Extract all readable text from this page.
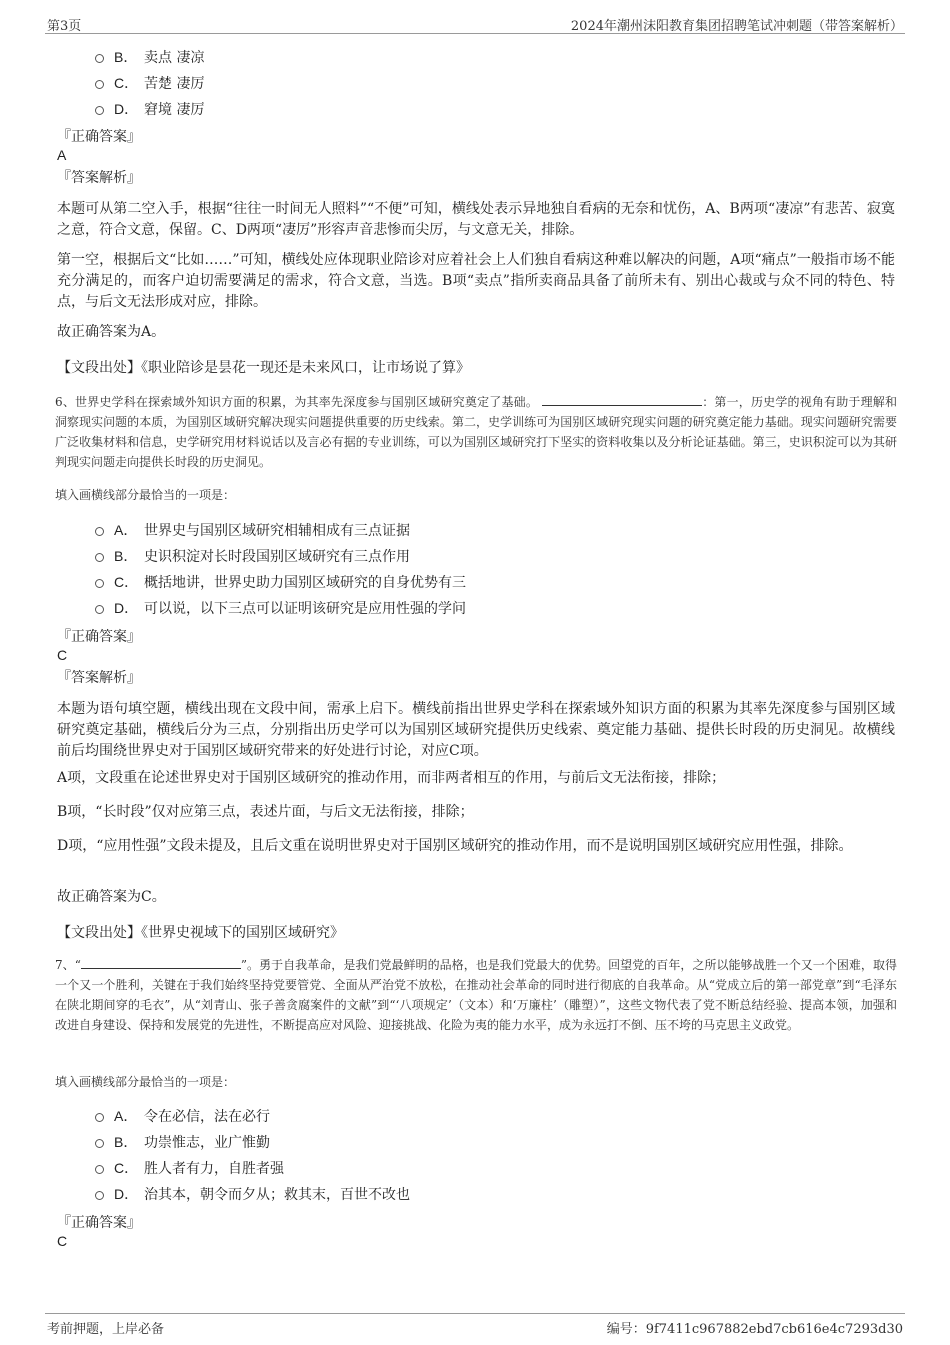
第3页	2024年潮州沫阳教育集团招聘笔试冲刺题（带答案解析）
B． 卖点 凄凉
C． 苦楚 凄厉
D． 窘境 凄厉
『正确答案』
A
『答案解析』

本题可从第二空入手，根据“往往一时间无人照料”“不便”可知，横线处表示异地独自看病的无奈和忧伤，A、B两项“凄凉”有悲苦、寂寞之意，符合文意，保留。C、D两项“凄厉”形容声音悲惨而尖厉，与文意无关，排除。

第一空，根据后文“比如……”可知，横线处应体现职业陪诊对应着社会上人们独自看病这种难以解决的问题，A项“痛点”一般指市场不能充分满足的，而客户迫切需要满足的需求，符合文意，当选。B项“卖点”指所卖商品具备了前所未有、别出心裁或与众不同的特色、特点，与后文无法形成对应，排除。

故正确答案为A。

【文段出处】《职业陪诊是昙花一现还是未来风口，让市场说了算》

6、世界史学科在探索域外知识方面的积累，为其率先深度参与国别区域研究奠定了基础。	：第一，历史学的视角有助于理解和洞察现实问题的本质，为国别区域研究解决现实问题提供重要的历史线索。第二，史学训练可为国别区域研究现实问题的研究奠定能力基础。现实问题研究需要广泛收集材料和信息，史学研究用材料说话以及言必有据的专业训练，可以为国别区域研究打下坚实的资料收集以及分析论证基础。第三，史识积淀可以为其研判现实问题走向提供长时段的历史洞见。

填入画横线部分最恰当的一项是：
A． 世界史与国别区域研究相辅相成有三点证据
B． 史识积淀对长时段国别区域研究有三点作用
C． 概括地讲，世界史助力国别区域研究的自身优势有三
D． 可以说，以下三点可以证明该研究是应用性强的学问
『正确答案』
C
『答案解析』

本题为语句填空题，横线出现在文段中间，需承上启下。横线前指出世界史学科在探索域外知识方面的积累为其率先深度参与国别区域研究奠定基础，横线后分为三点，分别指出历史学可以为国别区域研究提供历史线索、奠定能力基础、提供长时段的历史洞见。故横线前后均围绕世界史对于国别区域研究带来的好处进行讨论，对应C项。

A项，文段重在论述世界史对于国别区域研究的推动作用，而非两者相互的作用，与前后文无法衔接，排除；

B项，“长时段”仅对应第三点，表述片面，与后文无法衔接，排除；

D项，“应用性强”文段未提及，且后文重在说明世界史对于国别区域研究的推动作用，而不是说明国别区域研究应用性强，排除。

故正确答案为C。

【文段出处】《世界史视域下的国别区域研究》

7、“	”。勇于自我革命，是我们党最鲜明的品格，也是我们党最大的优势。回望党的百年，之所以能够战胜一个又一个困难，取得一个又一个胜利，关键在于我们始终坚持党要管党、全面从严治党不放松，在推动社会革命的同时进行彻底的自我革命。从“党成立后的第一部党章”到“毛泽东在陕北期间穿的毛衣”，从“刘青山、张子善贪腐案件的文献”到“‘八项规定’（文本）和‘万廉柱’（雕塑）”，这些文物代表了党不断总结经验、提高本领，加强和改进自身建设、保持和发展党的先进性，不断提高应对风险、迎接挑战、化险为夷的能力水平，成为永远打不倒、压不垮的马克思主义政党。

填入画横线部分最恰当的一项是：
A． 令在必信，法在必行
B． 功崇惟志，业广惟勤
C． 胜人者有力，自胜者强
D． 治其本，朝令而夕从；救其末，百世不改也
『正确答案』
C
考前押题，上岸必备	编号：9f7411c967882ebd7cb616e4c7293d30
